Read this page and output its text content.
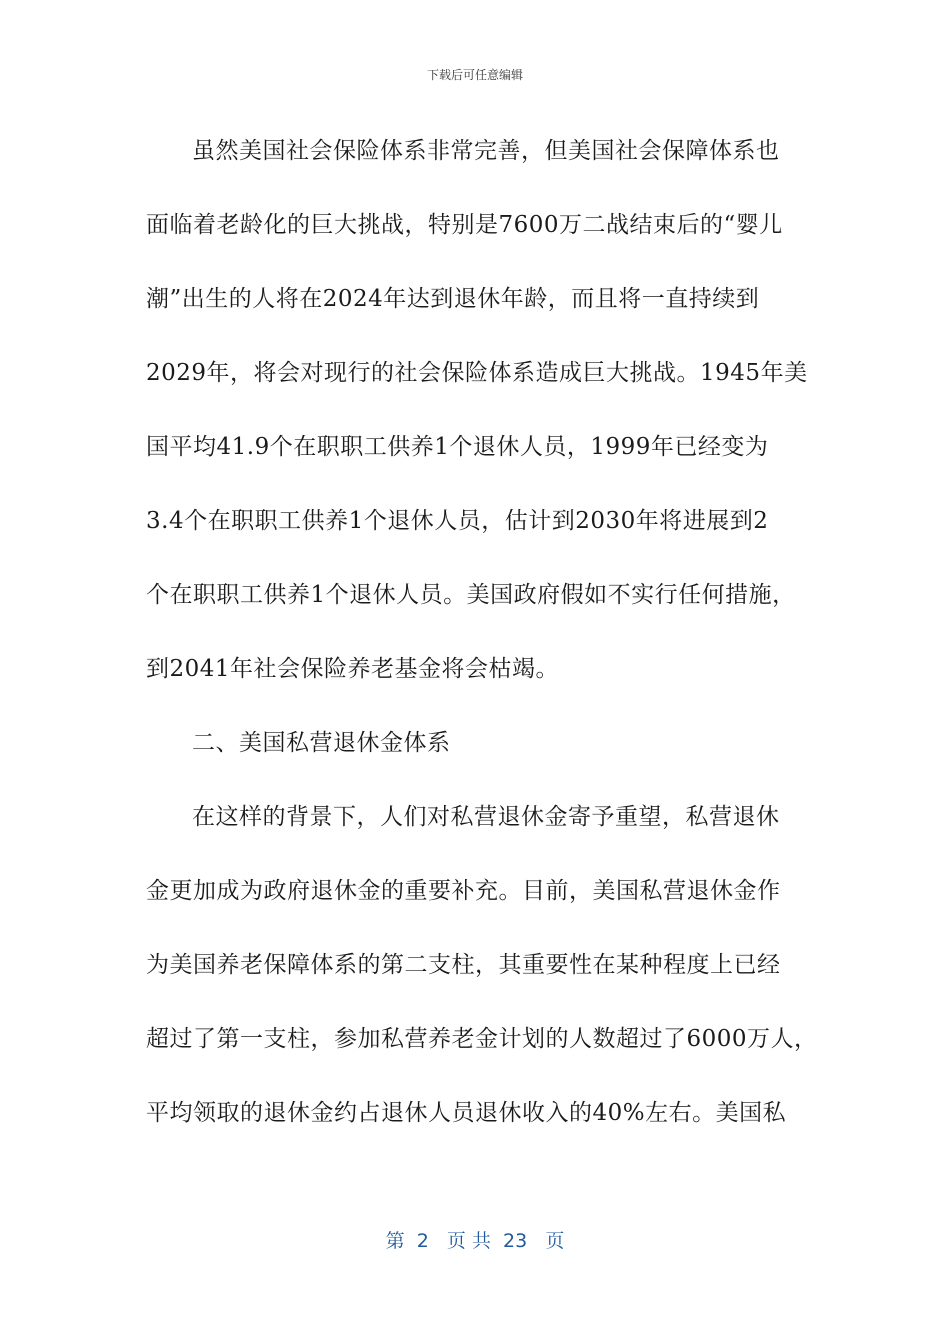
下载后可任意编辑
虽然美国社会保险体系非常完善，但美国社会保障体系也
面临着老龄化的巨大挑战，特别是7600万二战结束后的“婴儿
潮”出生的人将在2024年达到退休年龄，而且将一直持续到
2029年，将会对现行的社会保险体系造成巨大挑战。1945年美
国平均41.9个在职职工供养1个退休人员，1999年已经变为
3.4个在职职工供养1个退休人员，估计到2030年将进展到2
个在职职工供养1个退休人员。美国政府假如不实行任何措施，
到2041年社会保险养老基金将会枯竭。
二、美国私营退休金体系
在这样的背景下，人们对私营退休金寄予重望，私营退休
金更加成为政府退休金的重要补充。目前，美国私营退休金作
为美国养老保障体系的第二支柱，其重要性在某种程度上已经
超过了第一支柱，参加私营养老金计划的人数超过了6000万人，
平均领取的退休金约占退休人员退休收入的40%左右。美国私
第  2   页 共  23   页
